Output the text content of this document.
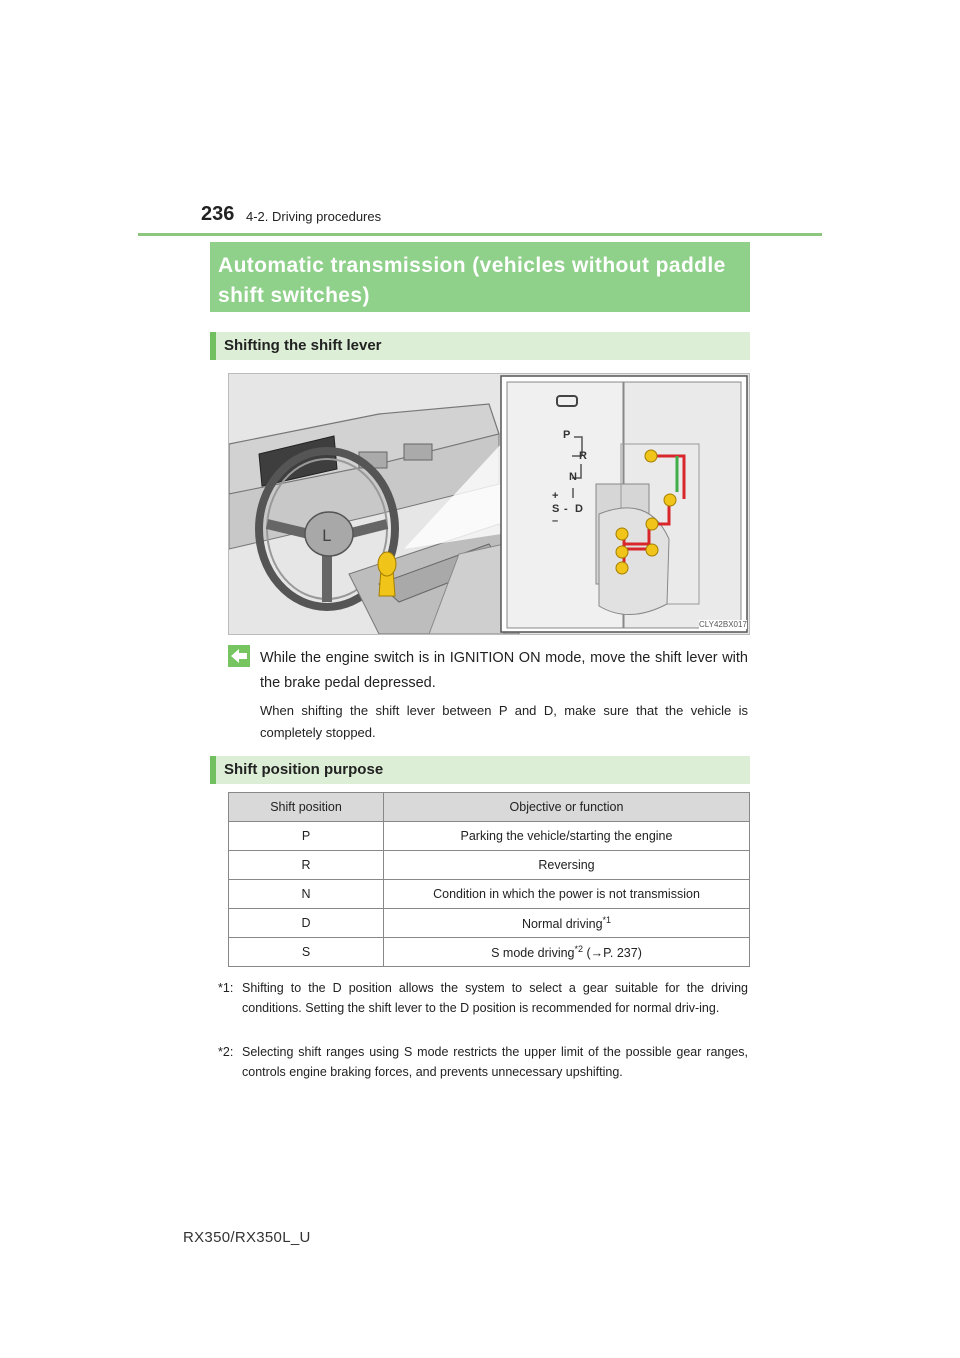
236 4-2. Driving procedures
Automatic transmission (vehicles without paddle
shift switches)
Shifting the shift lever
L
P
R
N
+
S - D
–
CLY42BX017
While the engine switch is in IGNITION ON mode, move the shift lever with the brake pedal depressed.
When shifting the shift lever between P and D, make sure that the vehicle is completely stopped.
Shift position purpose
Shift position	Objective or function
P	Parking the vehicle/starting the engine
R	Reversing
N	Condition in which the power is not transmission
D	Normal driving$^{*1}$
S	S mode driving$^{*2}$ (→P. 237)
*1: Shifting to the D position allows the system to select a gear suitable for the driving conditions. Setting the shift lever to the D position is recommended for normal driv-ing.
*2: Selecting shift ranges using S mode restricts the upper limit of the possible gear ranges, controls engine braking forces, and prevents unnecessary upshifting.
RX350/RX350L_U
